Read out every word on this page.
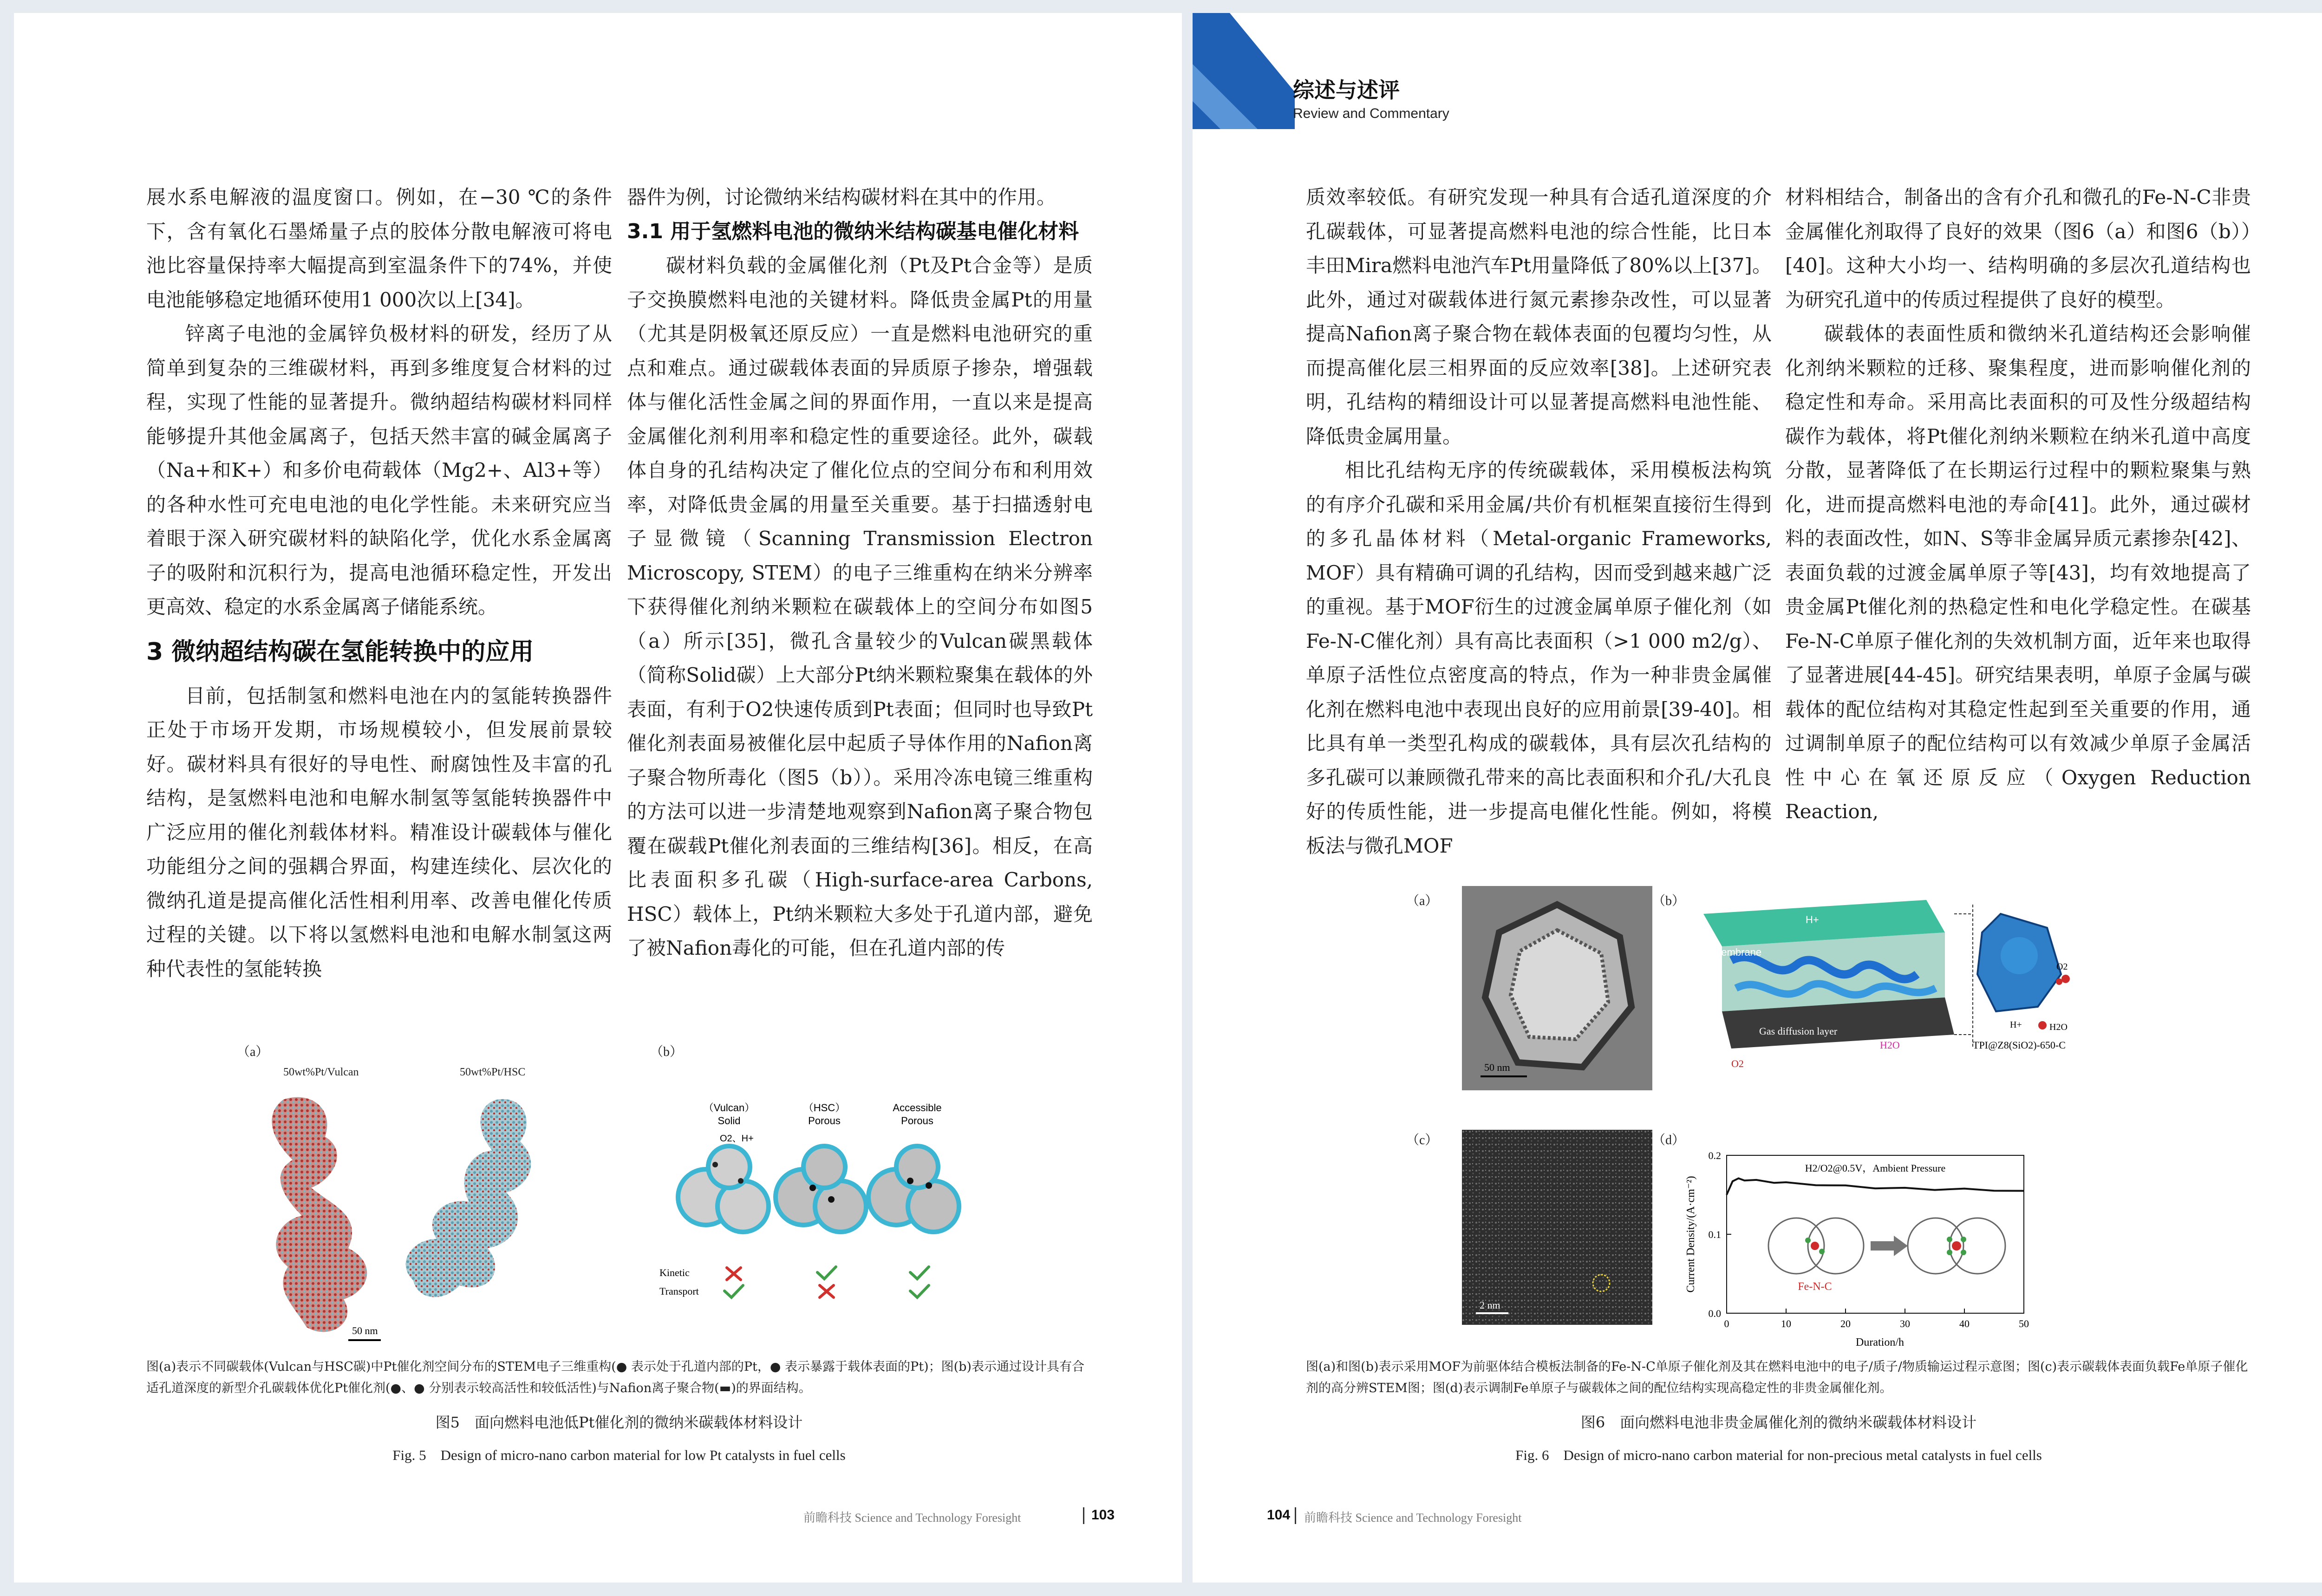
展水系电解液的温度窗口。例如，在−30 ℃的条件下，含有氧化石墨烯量子点的胶体分散电解液可将电池比容量保持率大幅提高到室温条件下的74%，并使电池能够稳定地循环使用1 000次以上[34]。

锌离子电池的金属锌负极材料的研发，经历了从简单到复杂的三维碳材料，再到多维度复合材料的过程，实现了性能的显著提升。微纳超结构碳材料同样能够提升其他金属离子，包括天然丰富的碱金属离子（Na+和K+）和多价电荷载体（Mg2+、Al3+等）的各种水性可充电电池的电化学性能。未来研究应当着眼于深入研究碳材料的缺陷化学，优化水系金属离子的吸附和沉积行为，提高电池循环稳定性，开发出更高效、稳定的水系金属离子储能系统。

3 微纳超结构碳在氢能转换中的应用

目前，包括制氢和燃料电池在内的氢能转换器件正处于市场开发期，市场规模较小，但发展前景较好。碳材料具有很好的导电性、耐腐蚀性及丰富的孔结构，是氢燃料电池和电解水制氢等氢能转换器件中广泛应用的催化剂载体材料。精准设计碳载体与催化功能组分之间的强耦合界面，构建连续化、层次化的微纳孔道是提高催化活性相利用率、改善电催化传质过程的关键。以下将以氢燃料电池和电解水制氢这两种代表性的氢能转换

器件为例，讨论微纳米结构碳材料在其中的作用。

3.1 用于氢燃料电池的微纳米结构碳基电催化材料

碳材料负载的金属催化剂（Pt及Pt合金等）是质子交换膜燃料电池的关键材料。降低贵金属Pt的用量（尤其是阴极氧还原反应）一直是燃料电池研究的重点和难点。通过碳载体表面的异质原子掺杂，增强载体与催化活性金属之间的界面作用，一直以来是提高金属催化剂利用率和稳定性的重要途径。此外，碳载体自身的孔结构决定了催化位点的空间分布和利用效率，对降低贵金属的用量至关重要。基于扫描透射电子显微镜（Scanning Transmission Electron Microscopy, STEM）的电子三维重构在纳米分辨率下获得催化剂纳米颗粒在碳载体上的空间分布如图5（a）所示[35]，微孔含量较少的Vulcan碳黑载体（简称Solid碳）上大部分Pt纳米颗粒聚集在载体的外表面，有利于O2快速传质到Pt表面；但同时也导致Pt催化剂表面易被催化层中起质子导体作用的Nafion离子聚合物所毒化（图5（b））。采用冷冻电镜三维重构的方法可以进一步清楚地观察到Nafion离子聚合物包覆在碳载Pt催化剂表面的三维结构[36]。相反，在高比表面积多孔碳（High-surface-area Carbons, HSC）载体上，Pt纳米颗粒大多处于孔道内部，避免了被Nafion毒化的可能，但在孔道内部的传

（a）	（b）
50wt%Pt/Vulcan	50wt%Pt/HSC
50 nm
（Vulcan） Solid
（HSC） Porous
Accessible Porous
O2、H+
Kinetic
Transport
图(a)表示不同碳载体(Vulcan与HSC碳)中Pt催化剂空间分布的STEM电子三维重构(● 表示处于孔道内部的Pt，● 表示暴露于载体表面的Pt)；图(b)表示通过设计具有合适孔道深度的新型介孔碳载体优化Pt催化剂(●、● 分别表示较高活性和较低活性)与Nafion离子聚合物(▬)的界面结构。
图5　面向燃料电池低Pt催化剂的微纳米碳载体材料设计
Fig. 5　Design of micro-nano carbon material for low Pt catalysts in fuel cells
前瞻科技 Science and Technology Foresight	103
综述与述评
Review and Commentary

质效率较低。有研究发现一种具有合适孔道深度的介孔碳载体，可显著提高燃料电池的综合性能，比日本丰田Mira燃料电池汽车Pt用量降低了80%以上[37]。此外，通过对碳载体进行氮元素掺杂改性，可以显著提高Nafion离子聚合物在载体表面的包覆均匀性，从而提高催化层三相界面的反应效率[38]。上述研究表明，孔结构的精细设计可以显著提高燃料电池性能、降低贵金属用量。

相比孔结构无序的传统碳载体，采用模板法构筑的有序介孔碳和采用金属/共价有机框架直接衍生得到的多孔晶体材料（Metal-organic Frameworks, MOF）具有精确可调的孔结构，因而受到越来越广泛的重视。基于MOF衍生的过渡金属单原子催化剂（如Fe-N-C催化剂）具有高比表面积（>1 000 m2/g）、单原子活性位点密度高的特点，作为一种非贵金属催化剂在燃料电池中表现出良好的应用前景[39-40]。相比具有单一类型孔构成的碳载体，具有层次孔结构的多孔碳可以兼顾微孔带来的高比表面积和介孔/大孔良好的传质性能，进一步提高电催化性能。例如，将模板法与微孔MOF

材料相结合，制备出的含有介孔和微孔的Fe-N-C非贵金属催化剂取得了良好的效果（图6（a）和图6（b））[40]。这种大小均一、结构明确的多层次孔道结构也为研究孔道中的传质过程提供了良好的模型。

碳载体的表面性质和微纳米孔道结构还会影响催化剂纳米颗粒的迁移、聚集程度，进而影响催化剂的稳定性和寿命。采用高比表面积的可及性分级超结构碳作为载体，将Pt催化剂纳米颗粒在纳米孔道中高度分散，显著降低了在长期运行过程中的颗粒聚集与熟化，进而提高燃料电池的寿命[41]。此外，通过碳材料的表面改性，如N、S等非金属异质元素掺杂[42]、表面负载的过渡金属单原子等[43]，均有效地提高了贵金属Pt催化剂的热稳定性和电化学稳定性。在碳基Fe-N-C单原子催化剂的失效机制方面，近年来也取得了显著进展[44-45]。研究结果表明，单原子金属与碳载体的配位结构对其稳定性起到至关重要的作用，通过调制单原子的配位结构可以有效减少单原子金属活性中心在氧还原反应（Oxygen Reduction Reaction,

（a）	（b）
（c）	（d）
50 nm
Membrane
H+
Gas diffusion layer
H2O
O2
O2
H+	H2O
TPI@Z8(SiO2)-650-C
2 nm
0	10	20	30	40	50
0.0
0.1
0.2
Duration/h
Current Density/(A·cm⁻²)
H2/O2@0.5V，Ambient Pressure
Fe-N-C
图(a)和图(b)表示采用MOF为前驱体结合模板法制备的Fe-N-C单原子催化剂及其在燃料电池中的电子/质子/物质输运过程示意图；图(c)表示碳载体表面负载Fe单原子催化剂的高分辨STEM图；图(d)表示调制Fe单原子与碳载体之间的配位结构实现高稳定性的非贵金属催化剂。
图6　面向燃料电池非贵金属催化剂的微纳米碳载体材料设计
Fig. 6　Design of micro-nano carbon material for non-precious metal catalysts in fuel cells
104 前瞻科技 Science and Technology Foresight
